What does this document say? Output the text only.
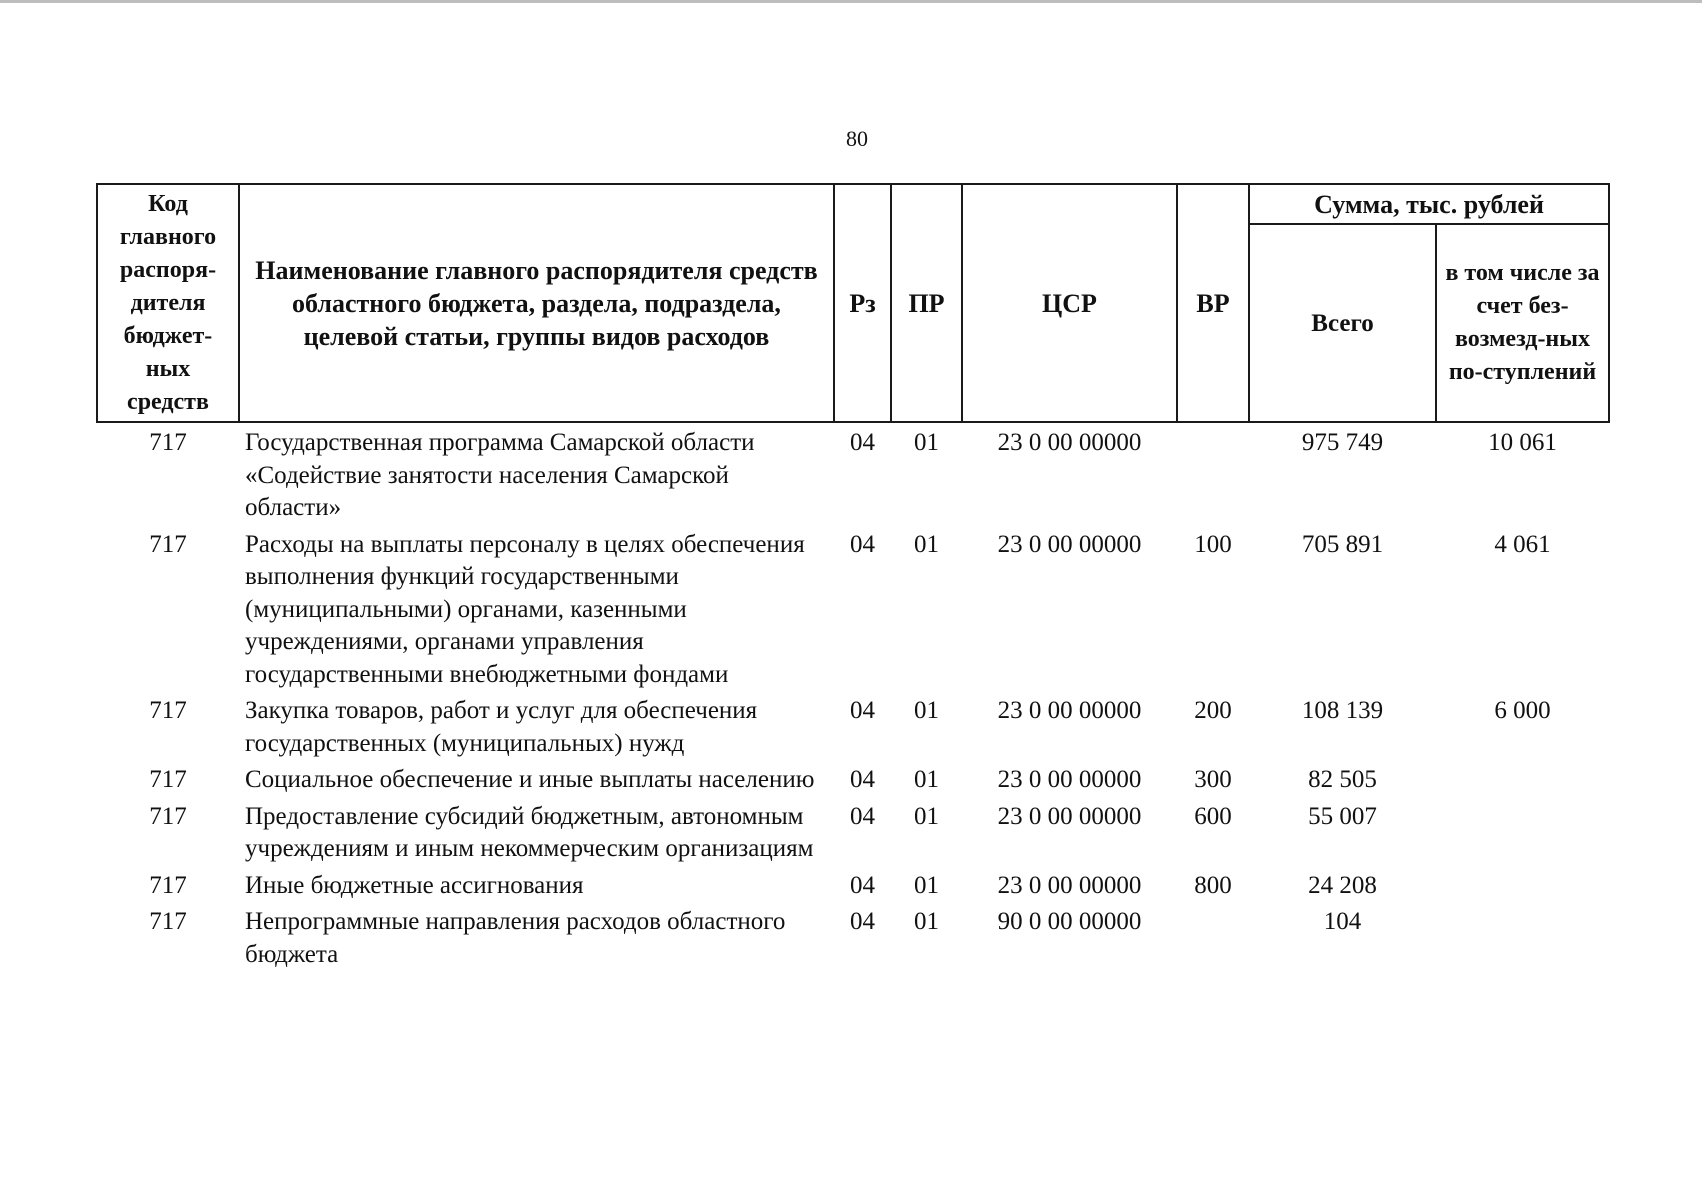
80
Код главного распоря-дителя бюджет-ных средств	Наименование главного распорядителя средств областного бюджета, раздела, подраздела, целевой статьи, группы видов расходов	Рз	ПР	ЦСР	ВР	Сумма, тыс. рублей	
						Всего	в том числе за счет без-возмезд-ных по-ступлений
717	Государственная программа Самарской области «Содействие занятости населения Самарской области»	04	01	23 0 00 00000		975 749	10 061
717	Расходы на выплаты персоналу в целях обеспечения выполнения функций государственными (муниципальными) органами, казенными учреждениями, органами управления государственными внебюджетными фондами	04	01	23 0 00 00000	100	705 891	4 061
717	Закупка товаров, работ и услуг для обеспечения государственных (муниципальных) нужд	04	01	23 0 00 00000	200	108 139	6 000
717	Социальное обеспечение и иные выплаты населению	04	01	23 0 00 00000	300	82 505	
717	Предоставление субсидий бюджетным, автономным учреждениям и иным некоммерческим организациям	04	01	23 0 00 00000	600	55 007	
717	Иные бюджетные ассигнования	04	01	23 0 00 00000	800	24 208	
717	Непрограммные направления расходов областного бюджета	04	01	90 0 00 00000		104	
